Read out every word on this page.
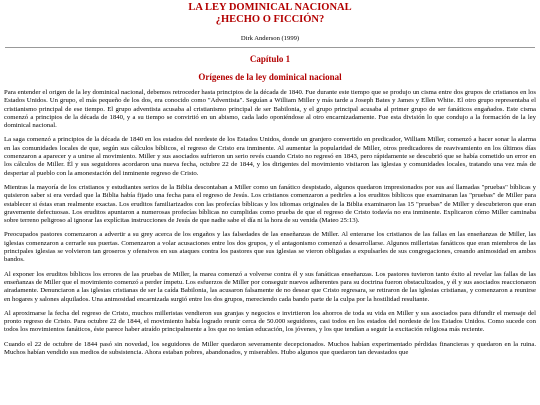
LA LEY DOMINICAL NACIONAL
¿HECHO O FICCIÓN?
Dirk Anderson (1999)
Capítulo 1
Orígenes de la ley dominical nacional

Para entender el origen de la ley dominical nacional, debemos retroceder hasta principios de la década de 1840. Fue durante este tiempo que se produjo un cisma entre dos grupos de cristianos en los Estados Unidos. Un grupo, el más pequeño de los dos, era conocido como "Adventista". Seguían a William Miller y más tarde a Joseph Bates y James y Ellen White. El otro grupo representaba el cristianismo principal de ese tiempo. El grupo adventista acusaba al cristianismo principal de ser Babilonia, y el grupo principal acusaba al primer grupo de ser fanáticos engañados. Este cisma comenzó a principios de la década de 1840, y a su tiempo se convirtió en un abismo, cada lado oponiéndose al otro encarnizadamente. Fue esta división lo que condujo a la formación de la ley dominical nacional.

La saga comenzó a principios de la década de 1840 en los estados del nordeste de los Estados Unidos, donde un granjero convertido en predicador, William Miller, comenzó a hacer sonar la alarma en las comunidades locales de que, según sus cálculos bíblicos, el regreso de Cristo era inminente. Al aumentar la popularidad de Miller, otros predicadores de reavivamiento en los últimos días comenzaron a aparecer y a unirse al movimiento. Miller y sus asociados sufrieron un serio revés cuando Cristo no regresó en 1843, pero rápidamente se descubrió que se había cometido un error en los cálculos de Miller. Él y sus seguidores acordaron una nueva fecha, octubre 22 de 1844, y los dirigentes del movimiento visitaron las iglesias y comunidades locales, tratando una vez más de despertar al pueblo con la amonestación del inminente regreso de Cristo.

Mientras la mayoría de los cristianos y estudiantes serios de la Biblia descontaban a Miller como un fanático despistado, algunos quedaron impresionados por sus así llamadas "pruebas" bíblicas y quisieron saber si era verdad que la Biblia había fijado una fecha para el regreso de Jesús. Los cristianos comenzaron a pedirles a los eruditos bíblicos que examinaran las "pruebas" de Miller para establecer si éstas eran realmente exactas. Los eruditos familiarizados con las profecías bíblicas y los idiomas originales de la Biblia examinaron las 15 "pruebas" de Miller y descubrieron que eran gravemente defectuosas. Los eruditos apuntaron a numerosas profecías bíblicas no cumplidas como prueba de que el regreso de Cristo todavía no era inminente. Explicaron cómo Miller caminaba sobre terreno peligroso al ignorar las explícitas instrucciones de Jesús de que nadie sabe el día ni la hora de su venida (Mateo 25:13).

Preocupados pastores comenzaron a advertir a su grey acerca de los engaños y las falsedades de las enseñanzas de Miller. Al enterarse los cristianos de las fallas en las enseñanzas de Miller, las iglesias comenzaron a cerrarle sus puertas. Comenzaron a volar acusaciones entre los dos grupos, y el antagonismo comenzó a desarrollarse. Algunos milleristas fanáticos que eran miembros de las principales iglesias se volvieron tan groseros y ofensivos en sus ataques contra los pastores que sus iglesias se vieron obligadas a expulsarles de sus congregaciones, creando animosidad en ambos bandos.

Al exponer los eruditos bíblicos los errores de las pruebas de Miller, la marea comenzó a volverse contra él y sus fanáticas enseñanzas. Los pastores tuvieron tanto éxito al revelar las fallas de las enseñanzas de Miller que el movimiento comenzó a perder ímpetu. Los esfuerzos de Miller por conseguir nuevos adherentes para su doctrina fueron obstaculizados, y él y sus asociados reaccionaron airadamente. Denunciaron a las iglesias cristianas de ser la caída Babilonia, las acusaron falsamente de no desear que Cristo regresara, se retiraron de las iglesias cristianas, y comenzaron a reunirse en hogares y salones alquilados. Una animosidad encarnizada surgió entre los dos grupos, mereciendo cada bando parte de la culpa por la hostilidad resultante.

Al aproximarse la fecha del regreso de Cristo, muchos milleristas vendieron sus granjas y negocios e invirtieron los ahorros de toda su vida en Miller y sus asociados para difundir el mensaje del pronto regreso de Cristo. Para octubre 22 de 1844, el movimiento había logrado reunir cerca de 50.000 seguidores, casi todos en los estados del nordeste de los Estados Unidos. Como sucede con todos los movimientos fanáticos, éste parece haber atraído principalmente a los que no tenían educación, los jóvenes, y los que tendían a seguir la excitación religiosa más reciente.

Cuando el 22 de octubre de 1844 pasó sin novedad, los seguidores de Miller quedaron severamente decepcionados. Muchos habían experimentado pérdidas financieras y quedaron en la ruina. Muchos habían vendido sus medios de subsistencia. Ahora estaban pobres, abandonados, y miserables. Hubo algunos que quedaron tan devastados que
